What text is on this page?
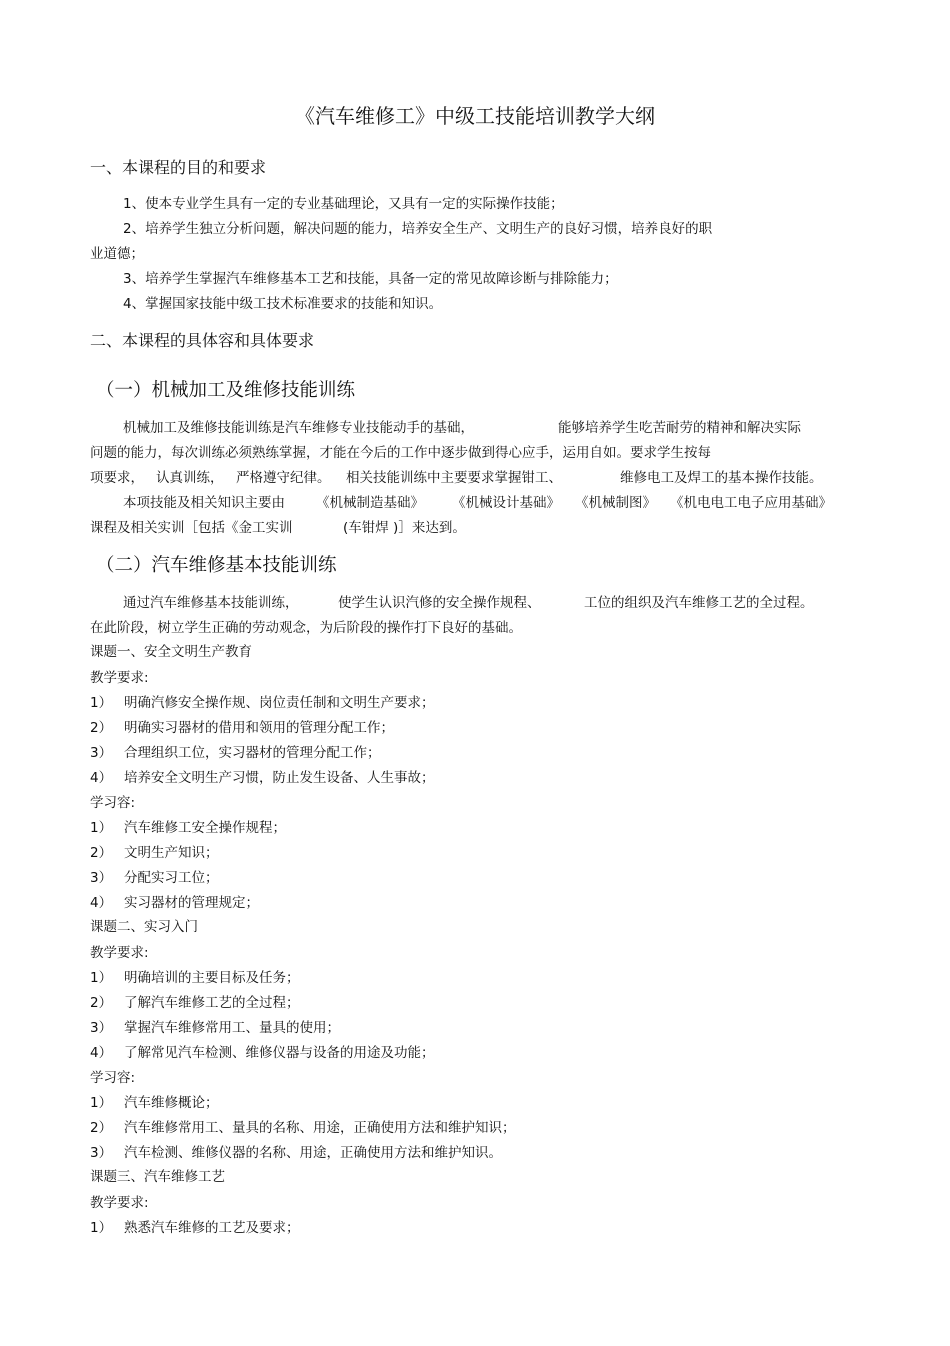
《汽车维修工》中级工技能培训教学大纲
一、本课程的目的和要求
1、使本专业学生具有一定的专业基础理论，又具有一定的实际操作技能；
2、培养学生独立分析问题，解决问题的能力，培养安全生产、文明生产的良好习惯，培养良好的职
业道德；
3、培养学生掌握汽车维修基本工艺和技能，具备一定的常见故障诊断与排除能力；
4、掌握国家技能中级工技术标准要求的技能和知识。
二、本课程的具体容和具体要求
（一）机械加工及维修技能训练
机械加工及维修技能训练是汽车维修专业技能动手的基础，	能够培养学生吃苦耐劳的精神和解决实际
问题的能力，每次训练必须熟练掌握，才能在今后的工作中逐步做到得心应手，运用自如。要求学生按每
项要求， 认真训练， 严格遵守纪律。 相关技能训练中主要要求掌握钳工、	维修电工及焊工的基本操作技能。
本项技能及相关知识主要由 《机械制造基础》 《机械设计基础》 《机械制图》 《机电电工电子应用基础》
课程及相关实训［包括《金工实训	(车钳焊 )］来达到。
（二）汽车维修基本技能训练
通过汽车维修基本技能训练，	使学生认识汽修的安全操作规程、	工位的组织及汽车维修工艺的全过程。
在此阶段，树立学生正确的劳动观念，为后阶段的操作打下良好的基础。
课题一、安全文明生产教育
教学要求:
1） 明确汽修安全操作规、岗位责任制和文明生产要求；
2） 明确实习器材的借用和领用的管理分配工作；
3） 合理组织工位，实习器材的管理分配工作；
4） 培养安全文明生产习惯，防止发生设备、人生事故；
学习容:
1） 汽车维修工安全操作规程；
2） 文明生产知识；
3） 分配实习工位；
4） 实习器材的管理规定；
课题二、实习入门
教学要求:
1） 明确培训的主要目标及任务；
2） 了解汽车维修工艺的全过程；
3） 掌握汽车维修常用工、量具的使用；
4） 了解常见汽车检测、维修仪器与设备的用途及功能；
学习容:
1） 汽车维修概论；
2） 汽车维修常用工、量具的名称、用途，正确使用方法和维护知识；
3） 汽车检测、维修仪器的名称、用途，正确使用方法和维护知识。
课题三、汽车维修工艺
教学要求:
1） 熟悉汽车维修的工艺及要求；
